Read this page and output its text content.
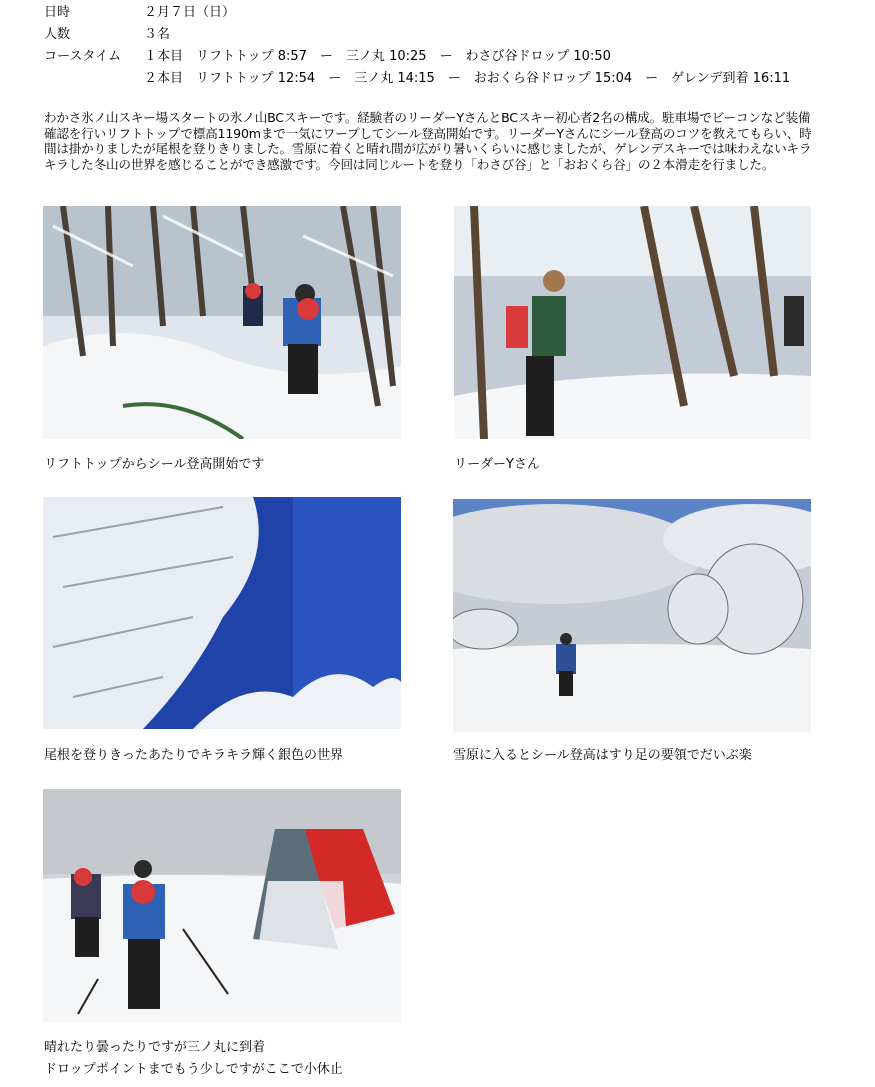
日時	２月７日（日）
人数	３名
コースタイム １本目　リフトトップ 8:57　ー　三ノ丸 10:25　ー　わさび谷ドロップ 10:50
２本目　リフトトップ 12:54　ー　三ノ丸 14:15　ー　おおくら谷ドロップ 15:04　ー　ゲレンデ到着 16:11
わかさ氷ノ山スキー場スタートの氷ノ山BCスキーです。経験者のリーダーYさんとBCスキー初心者2名の構成。駐車場でビーコンなど装備確認を行いリフトトップで標高1190mまで一気にワープしてシール登高開始です。リーダーYさんにシール登高のコツを教えてもらい、時間は掛かりましたが尾根を登りきりました。雪原に着くと晴れ間が広がり暑いくらいに感じましたが、ゲレンデスキーでは味わえないキラキラした冬山の世界を感じることができ感激です。今回は同じルートを登り「わさび谷」と「おおくら谷」の２本滑走を行ました。
リフトトップからシール登高開始です	リーダーYさん
尾根を登りきったあたりでキラキラ輝く銀色の世界	雪原に入るとシール登高はすり足の要領でだいぶ楽
晴れたり曇ったりですが三ノ丸に到着
ドロップポイントまでもう少しですがここで小休止
